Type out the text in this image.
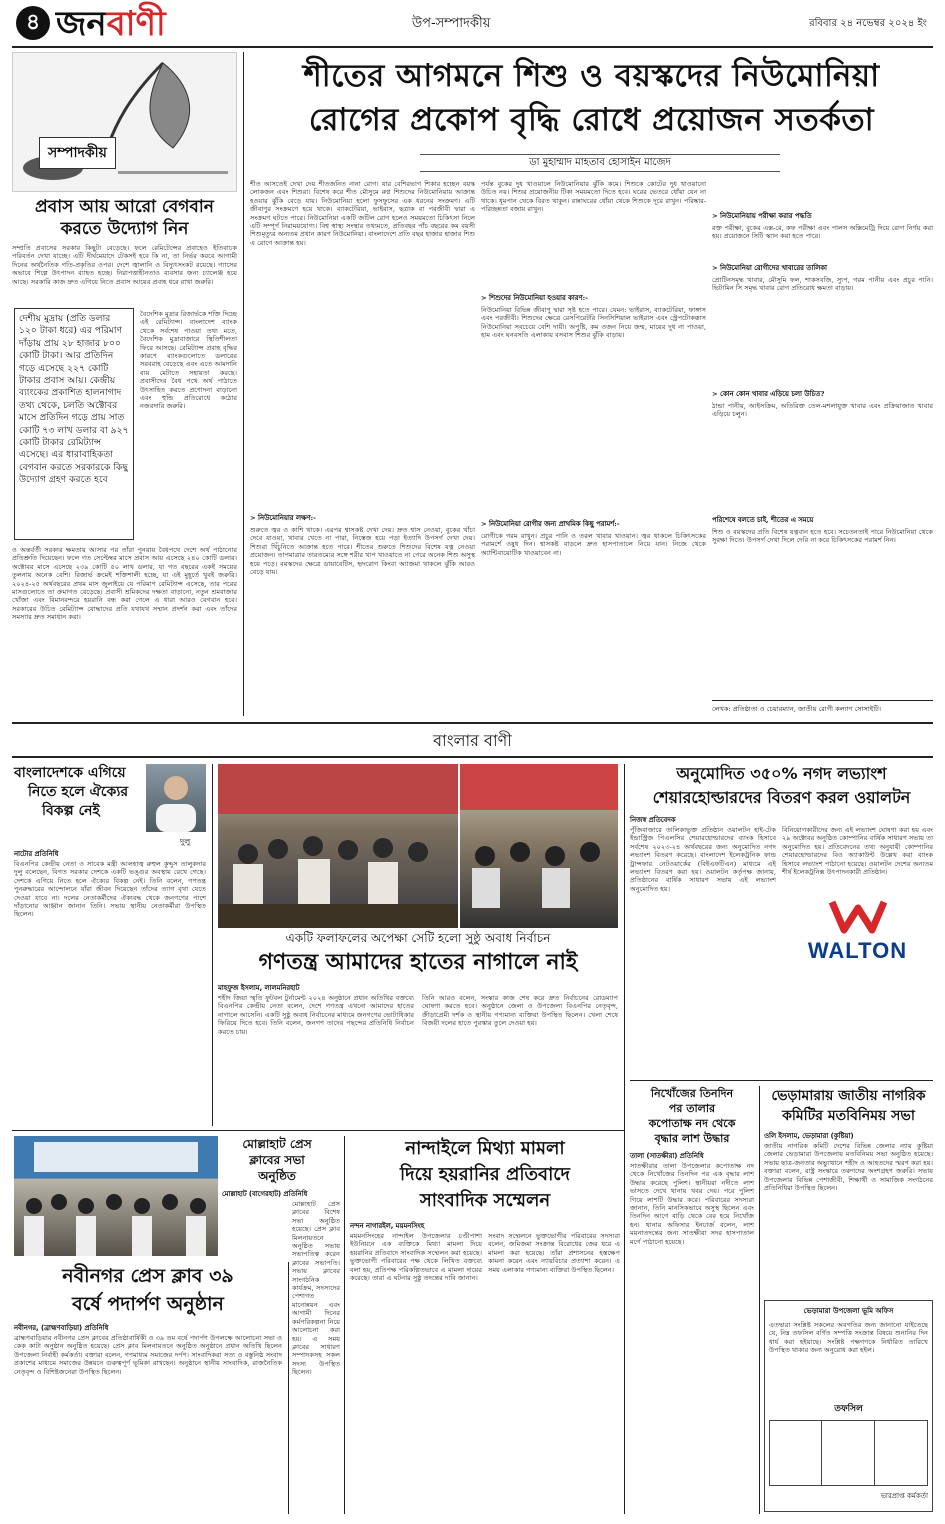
৪ জনবাণী	উপ-সম্পাদকীয়	রবিবার ২৪ নভেম্বর ২০২৪ ইং
সম্পাদকীয়
প্রবাস আয় আরো বেগবান
করতে উদ্যোগ নিন
সম্প্রতি প্রবাসের সরকার কিছুটা বেড়েছে। ফলে রেমিটেন্সের প্রবাহেও ইতিবাচক পরিবর্তন দেখা যাচ্ছে। এটি দীর্ঘমেয়াদে টেকসই হবে কি না, তা নির্ভর করবে আগামী দিনের অর্থনৈতিক গতি-প্রকৃতির ওপর। দেশে জ্বালানি ও বিদ্যুৎসংকট রয়েছে। গ্যাসের অভাবে শিল্পে উৎপাদন ব্যাহত হচ্ছে। নিরাপত্তাহীনতাও ব্যবসার জন্য চ্যালেঞ্জ হয়ে আছে। সরকারি কাজ দ্রুত এগিয়ে নিতে প্রবাস আয়ের প্রবাহ ধরে রাখা জরুরি।
দেশীয় মুদ্রায় (প্রতি ডলার ১২০ টাকা ধরে) এর পরিমাণ দাঁড়ায় প্রায় ২৮ হাজার ৮০০ কোটি টাকা। আর প্রতিদিন গড়ে এসেছে ২২৭ কোটি টাকার প্রবাস আয়। কেন্দ্রীয় ব্যাংকের প্রকাশিত হালনাগাদ তথ্য থেকে, চলতি অক্টোবর মাসে প্রতিদিন গড়ে প্রায় সাত কোটি ৭৩ লাখ ডলার বা ৯২৭ কোটি টাকার রেমিট্যান্স এসেছে। এর ধারাবাহিকতা বেগবান করতে সরকারকে কিছু উদ্যোগ গ্রহণ করতে হবে
বৈদেশিক মুদ্রার রিজার্ভকে শক্তি দিচ্ছে এই রেমিট্যান্স। বাংলাদেশ ব্যাংক থেকে সর্বশেষ পাওয়া তথ্য মতে, বৈদেশিক মুদ্রাবাজারে স্থিতিশীলতা ফিরে আসছে। রেমিট্যান্স প্রবাহ বৃদ্ধির কারণে ব্যাংকগুলোতে ডলারের সরবরাহ বেড়েছে এবং এতে আমদানি ব্যয় মেটাতে সহায়তা করছে। প্রবাসীদের বৈধ পথে অর্থ পাঠাতে উৎসাহিত করতে প্রণোদনা বাড়ানো এবং হুন্ডি প্রতিরোধে কঠোর নজরদারি জরুরি।
ও অন্তর্বর্তী সরকার ক্ষমতায় আসার পর তাঁরা পুনরায় বৈধপথে দেশে অর্থ পাঠানোর প্রতিশ্রুতি দিয়েছেন। ফলে গত সেপ্টেম্বর মাসে প্রবাস আয় এসেছে ২৪০ কোটি ডলার। অক্টোবর মাসে এসেছে ২৩৯ কোটি ৫০ লাখ ডলার, যা গত বছরের একই সময়ের তুলনায় অনেক বেশি। রিজার্ভ ক্রমেই শক্তিশালী হচ্ছে, যা এই মুহূর্তে খুবই জরুরি। ২০২৪-২৫ অর্থবছরের প্রথম মাস জুলাইয়ে যে পরিমাণ রেমিট্যান্স এসেছে, তার পরের মাসগুলোতে তা ক্রমাগত বেড়েছে। প্রবাসী শ্রমিকদের দক্ষতা বাড়ানো, নতুন শ্রমবাজার খোঁজা এবং বিমানবন্দরে হয়রানি বন্ধ করা গেলে এ ধারা আরও বেগবান হবে। সরকারের উচিত রেমিট্যান্স যোদ্ধাদের প্রতি যথাযথ সম্মান প্রদর্শন করা এবং তাঁদের সমস্যার দ্রুত সমাধান করা।
শীতের আগমনে শিশু ও বয়স্কদের নিউমোনিয়া
রোগের প্রকোপ বৃদ্ধি রোধে প্রয়োজন সতর্কতা
ডা মুহাম্মাদ মাহতাব হোসাইন মাজেদ
শীত আসতেই দেখা দেয় শীতজনিত নানা রোগ। যার বেশিরভাগ শিকার হচ্ছেন বয়স্ক লোকজন এবং শিশুরা। বিশেষ করে শীত মৌসুমে রুগ্ন শিশুদের নিউমোনিয়ায় আক্রান্ত হওয়ার ঝুঁকি বেড়ে যায়। নিউমোনিয়া হলো ফুসফুসের এক ধরনের সংক্রমণ। এটি জীবাণুর সংক্রমণে হয়ে থাকে। ব্যাকটেরিয়া, ভাইরাস, ছত্রাক বা পরজীবী দ্বারা এ সংক্রমণ ঘটতে পারে। নিউমোনিয়া একটি জটিল রোগ হলেও সময়মতো চিকিৎসা নিলে এটি সম্পূর্ণ নিরাময়যোগ্য। বিশ্ব স্বাস্থ্য সংস্থার তথ্যমতে, প্রতিবছর পাঁচ বছরের কম বয়সী শিশুমৃত্যুর অন্যতম প্রধান কারণ নিউমোনিয়া। বাংলাদেশে প্রতি বছর হাজার হাজার শিশু এ রোগে আক্রান্ত হয়।
> নিউমোনিয়ার লক্ষণ:-
শুরুতে জ্বর ও কাশি থাকে। এরপর শ্বাসকষ্ট দেখা দেয়। দ্রুত শ্বাস নেওয়া, বুকের খাঁচা দেবে যাওয়া, খাবার খেতে না পারা, নিস্তেজ হয়ে পড়া ইত্যাদি উপসর্গ দেখা দেয়। শিশুরা খিঁচুনিতে আক্রান্ত হতে পারে। শীতের শুরুতে শিশুদের বিশেষ যত্ন নেওয়া প্রয়োজন। তাপমাত্রার তারতম্যের সঙ্গে শরীর খাপ খাওয়াতে না পেরে অনেক শিশু অসুস্থ হয়ে পড়ে। বয়স্কদের ক্ষেত্রে ডায়াবেটিস, হৃদরোগ কিংবা অ্যাজমা থাকলে ঝুঁকি আরও বেড়ে যায়।
পর্যন্ত বুকের দুধ খাওয়ালে নিউমোনিয়ার ঝুঁকি কমে। শিশুকে কোটের দুধ খাওয়ানো উচিত নয়। শিশুর প্রয়োজনীয় টিকা সময়মতো দিতে হবে। ঘরের ভেতরে ধোঁয়া যেন না থাকে। ধূমপান থেকে বিরত থাকুন। রান্নাঘরের ধোঁয়া থেকে শিশুকে দূরে রাখুন। পরিষ্কার-পরিচ্ছন্নতা বজায় রাখুন।
> শিশুদের নিউমোনিয়া হওয়ার কারণ:-
নিউমোনিয়া বিভিন্ন জীবাণু দ্বারা সৃষ্ট হতে পারে। যেমন: ভাইরাস, ব্যাকটেরিয়া, ফাঙ্গাস এবং পরজীবী। শিশুদের ক্ষেত্রে রেসপিরেটরি সিনসিশিয়াল ভাইরাস এবং স্ট্রেপটোকক্কাস নিউমোনিয়া সবচেয়ে বেশি দায়ী। অপুষ্টি, কম ওজন নিয়ে জন্ম, মায়ের দুধ না পাওয়া, হাম এবং ঘনবসতি এলাকায় বসবাস শিশুর ঝুঁকি বাড়ায়।
> নিউমোনিয়া রোগীর জন্য প্রাথমিক কিছু পরামর্শ:-
রোগীকে গরম রাখুন। প্রচুর পানি ও তরল খাবার খাওয়ান। জ্বর থাকলে চিকিৎসকের পরামর্শে ওষুধ দিন। শ্বাসকষ্ট বাড়লে দ্রুত হাসপাতালে নিয়ে যান। নিজে থেকে অ্যান্টিবায়োটিক খাওয়াবেন না।
> নিউমোনিয়ায় পরীক্ষা করার পদ্ধতি
রক্ত পরীক্ষা, বুকের এক্স-রে, কফ পরীক্ষা এবং পালস অক্সিমেট্রি দিয়ে রোগ নির্ণয় করা হয়। প্রয়োজনে সিটি স্ক্যান করা হতে পারে।
> নিউমোনিয়া রোগীদের খাবারের তালিকা
প্রোটিনসমৃদ্ধ খাবার, মৌসুমি ফল, শাকসবজি, স্যুপ, গরম পানীয় এবং প্রচুর পানি। ভিটামিন সি সমৃদ্ধ খাবার রোগ প্রতিরোধ ক্ষমতা বাড়ায়।
> কোন কোন খাবার এড়িয়ে চলা উচিত?
ঠান্ডা পানীয়, আইসক্রিম, অতিরিক্ত তেল-মশলাযুক্ত খাবার এবং প্রক্রিয়াজাত খাবার এড়িয়ে চলুন।
পরিশেষে বলতে চাই, শীতের এ সময়ে
শিশু ও বয়স্কদের প্রতি বিশেষ যত্নবান হতে হবে। সচেতনতাই পারে নিউমোনিয়া থেকে সুরক্ষা দিতে। উপসর্গ দেখা দিলে দেরি না করে চিকিৎসকের পরামর্শ নিন।
লেখক: প্রতিষ্ঠাতা ও চেয়ারম্যান, জাতীয় রোগী কল্যাণ সোসাইটি।
বাংলার বাণী
বাংলাদেশকে এগিয়ে
নিতে হলে ঐক্যের
বিকল্প নেই
দুলু
নাটোর প্রতিনিধি
বিএনপির কেন্দ্রীয় নেতা ও সাবেক মন্ত্রী আলহাজ্ব রুহুল কুদ্দুস তালুকদার দুলু বলেছেন, বিগত সরকার দেশকে একটি ভঙ্গুর অবস্থায় রেখে গেছে। দেশকে এগিয়ে নিতে হলে ঐক্যের বিকল্প নেই। তিনি বলেন, গণতন্ত্র পুনরুদ্ধারের আন্দোলনে যাঁরা জীবন দিয়েছেন তাঁদের ত্যাগ বৃথা যেতে দেওয়া যাবে না। দলের নেতাকর্মীদের ঐক্যবদ্ধ থেকে জনগণের পাশে দাঁড়ানোর আহ্বান জানান তিনি। সভায় স্থানীয় নেতাকর্মীরা উপস্থিত ছিলেন।
একটি ফলাফলের অপেক্ষা সেটি হলো সুষ্ঠু অবাধ নির্বাচন
গণতন্ত্র আমাদের হাতের নাগালে নাই
মাহফুজ ইসলাম, লালমনিরহাট
শহীদ জিয়া স্মৃতি ফুটবল টুর্নামেন্ট ২০২৪ অনুষ্ঠানে প্রধান অতিথির বক্তব্যে বিএনপির কেন্দ্রীয় নেতা বলেন, দেশে গণতন্ত্র এখনো আমাদের হাতের নাগালে আসেনি। একটি সুষ্ঠু অবাধ নির্বাচনের মাধ্যমে জনগণের ভোটাধিকার ফিরিয়ে দিতে হবে। তিনি বলেন, জনগণ তাদের পছন্দের প্রতিনিধি নির্বাচন করতে চায়।
তিনি আরও বলেন, সংস্কার কাজ শেষ করে দ্রুত নির্বাচনের রোডম্যাপ ঘোষণা করতে হবে। অনুষ্ঠানে জেলা ও উপজেলা বিএনপির নেতৃবৃন্দ, ক্রীড়াপ্রেমী দর্শক ও স্থানীয় গণ্যমান্য ব্যক্তিরা উপস্থিত ছিলেন। খেলা শেষে বিজয়ী দলের হাতে পুরস্কার তুলে দেওয়া হয়।
অনুমোদিত ৩৫০% নগদ লভ্যাংশ
শেয়ারহোল্ডারদের বিতরণ করল ওয়ালটন
নিজস্ব প্রতিবেদক
পুঁজিবাজারে তালিকাভুক্ত প্রতিষ্ঠান ওয়ালটন হাই-টেক ইন্ডাস্ট্রিজ পিএলসির শেয়ারহোল্ডারদের ব্যাংক হিসাবে সর্বশেষ ২০২৩-২৪ অর্থবছরের জন্য অনুমোদিত নগদ লভ্যাংশ বিতরণ করেছে। বাংলাদেশ ইলেকট্রনিক ফান্ড ট্রান্সফার নেটওয়ার্কের (বিইএফটিএন) মাধ্যমে এই লভ্যাংশ বিতরণ করা হয়। ওয়ালটন কর্তৃপক্ষ জানায়, প্রতিষ্ঠানের বার্ষিক সাধারণ সভায় এই লভ্যাংশ অনুমোদিত হয়।
বিনিয়োগকারীদের জন্য এই লভ্যাংশ ঘোষণা করা হয় এবং ২৯ অক্টোবর অনুষ্ঠিত কোম্পানির বার্ষিক সাধারণ সভায় তা অনুমোদিত হয়। প্রতিবেদনের তথ্য অনুযায়ী কোম্পানির শেয়ারহোল্ডারদের বিও অ্যাকাউন্ট উল্লেখ করা ব্যাংক হিসাবে লভ্যাংশ পাঠানো হয়েছে। ওয়ালটন দেশের অন্যতম শীর্ষ ইলেকট্রনিক্স উৎপাদনকারী প্রতিষ্ঠান।
WALTON
নিখোঁজের তিনদিন
পর তালার
কপোতাক্ষ নদ থেকে
বৃদ্ধার লাশ উদ্ধার
তালা (সাতক্ষীরা) প্রতিনিধি
সাতক্ষীরার তালা উপজেলার কপোতাক্ষ নদ থেকে নিখোঁজের তিনদিন পর এক বৃদ্ধার লাশ উদ্ধার করেছে পুলিশ। স্থানীয়রা নদীতে লাশ ভাসতে দেখে থানায় খবর দেয়। পরে পুলিশ গিয়ে লাশটি উদ্ধার করে। পরিবারের সদস্যরা জানান, তিনি মানসিকভাবে অসুস্থ ছিলেন এবং তিনদিন আগে বাড়ি থেকে বের হয়ে নিখোঁজ হন। থানার অফিসার ইনচার্জ বলেন, লাশ ময়নাতদন্তের জন্য সাতক্ষীরা সদর হাসপাতাল মর্গে পাঠানো হয়েছে।
ভেড়ামারায় জাতীয় নাগরিক
কমিটির মতবিনিময় সভা
ওলি ইসলাম, ভেড়ামারা (কুষ্টিয়া)
জাতীয় নাগরিক কমিটি দেশের বিভিন্ন জেলার ন্যায় কুষ্টিয়া জেলার ভেড়ামারা উপজেলায় মতবিনিময় সভা অনুষ্ঠিত হয়েছে। সভায় ছাত্র-জনতার অভ্যুত্থানে শহীদ ও আহতদের স্মরণ করা হয়। বক্তারা বলেন, রাষ্ট্র সংস্কারে তরুণদের অংশগ্রহণ জরুরি। সভায় উপজেলার বিভিন্ন পেশাজীবী, শিক্ষার্থী ও সামাজিক সংগঠনের প্রতিনিধিরা উপস্থিত ছিলেন।
ভেড়ামারা উপজেলা ভূমি অফিস
এতদ্বারা সংশ্লিষ্ট সকলের অবগতির জন্য জানানো যাইতেছে যে, নিম্ন তফসিল বর্ণিত সম্পত্তি সংক্রান্ত বিষয়ে শুনানির দিন ধার্য করা হইয়াছে। সংশ্লিষ্ট পক্ষগণকে নির্ধারিত তারিখে উপস্থিত থাকার জন্য অনুরোধ করা হইল।
তফসিল
ভারপ্রাপ্ত কর্মকর্তা
নবীনগর প্রেস ক্লাব ৩৯
বর্ষে পদার্পণ অনুষ্ঠান
নবীনগর, (ব্রাহ্মণবাড়িয়া) প্রতিনিধি
ব্রাহ্মণবাড়িয়ার নবীনগর প্রেস ক্লাবের প্রতিষ্ঠাবার্ষিকী ও ৩৯ তম বর্ষে পদার্পণ উপলক্ষে আলোচনা সভা ও কেক কাটা অনুষ্ঠান অনুষ্ঠিত হয়েছে। প্রেস ক্লাব মিলনায়তনে অনুষ্ঠিত অনুষ্ঠানে প্রধান অতিথি ছিলেন উপজেলা নির্বাহী কর্মকর্তা। বক্তারা বলেন, গণমাধ্যম সমাজের দর্পণ। সাংবাদিকরা সত্য ও বস্তুনিষ্ঠ সংবাদ প্রকাশের মাধ্যমে সমাজের উন্নয়নে গুরুত্বপূর্ণ ভূমিকা রাখছেন। অনুষ্ঠানে স্থানীয় সাংবাদিক, রাজনৈতিক নেতৃবৃন্দ ও বিশিষ্টজনেরা উপস্থিত ছিলেন।
মোল্লাহাট প্রেস
ক্লাবের সভা
অনুষ্ঠিত
মোল্লাহাট (বাগেরহাট) প্রতিনিধি
মোল্লাহাট প্রেস ক্লাবের বিশেষ সভা অনুষ্ঠিত হয়েছে। প্রেস ক্লাব মিলনায়তনে অনুষ্ঠিত সভায় সভাপতিত্ব করেন ক্লাবের সভাপতি। সভায় ক্লাবের সাংগঠনিক কার্যক্রম, সদস্যদের পেশাগত মানোন্নয়ন এবং আগামী দিনের কর্মপরিকল্পনা নিয়ে আলোচনা করা হয়। এ সময় ক্লাবের সাধারণ সম্পাদকসহ সকল সদস্য উপস্থিত ছিলেন।
নান্দাইলে মিথ্যা মামলা
দিয়ে হয়রানির প্রতিবাদে
সাংবাদিক সম্মেলন
নন্দন নাগারইল, ময়মনসিংহ
ময়মনসিংহের নান্দাইল উপজেলার চণ্ডীপাশা ইউনিয়নে এক ব্যক্তিকে মিথ্যা মামলা দিয়ে হয়রানির প্রতিবাদে সাংবাদিক সম্মেলন করা হয়েছে। ভুক্তভোগী পরিবারের পক্ষ থেকে লিখিত বক্তব্যে বলা হয়, প্রতিপক্ষ পরিকল্পিতভাবে এ মামলা দায়ের করেছে। তারা এ ঘটনার সুষ্ঠু তদন্তের দাবি জানান।
সংবাদ সম্মেলনে ভুক্তভোগীর পরিবারের সদস্যরা বলেন, জমিজমা সংক্রান্ত বিরোধের জের ধরে এ মামলা করা হয়েছে। তাঁরা প্রশাসনের হস্তক্ষেপ কামনা করেন এবং ন্যায়বিচার প্রত্যাশা করেন। এ সময় এলাকার গণ্যমান্য ব্যক্তিরা উপস্থিত ছিলেন।
